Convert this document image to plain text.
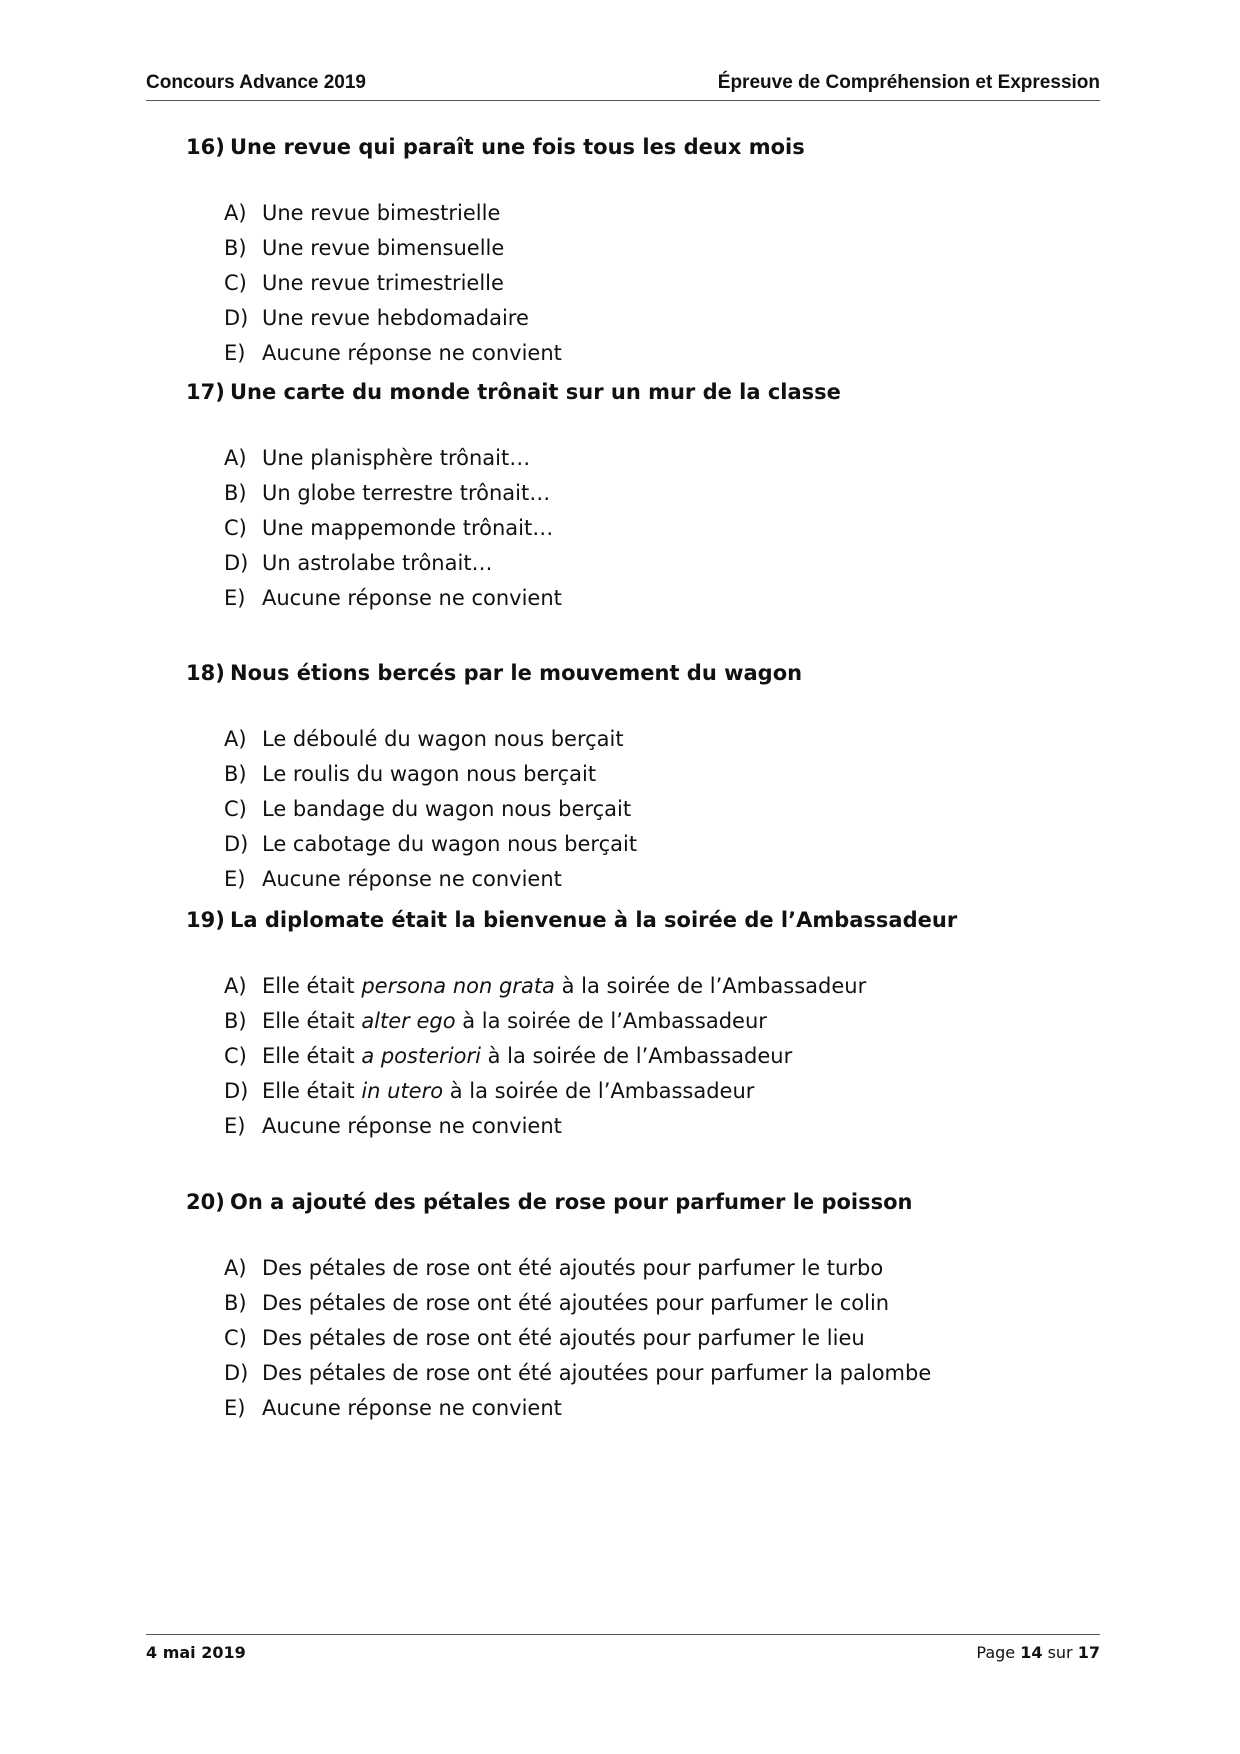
Concours Advance 2019	Épreuve de Compréhension et Expression
16) Une revue qui paraît une fois tous les deux mois
A) Une revue bimestrielle
B) Une revue bimensuelle
C) Une revue trimestrielle
D) Une revue hebdomadaire
E) Aucune réponse ne convient
17) Une carte du monde trônait sur un mur de la classe
A) Une planisphère trônait…
B) Un globe terrestre trônait…
C) Une mappemonde trônait…
D) Un astrolabe trônait…
E) Aucune réponse ne convient
18) Nous étions bercés par le mouvement du wagon
A) Le déboulé du wagon nous berçait
B) Le roulis du wagon nous berçait
C) Le bandage du wagon nous berçait
D) Le cabotage du wagon nous berçait
E) Aucune réponse ne convient
19) La diplomate était la bienvenue à la soirée de l’Ambassadeur
A) Elle était persona non grata à la soirée de l’Ambassadeur
B) Elle était alter ego à la soirée de l’Ambassadeur
C) Elle était a posteriori à la soirée de l’Ambassadeur
D) Elle était in utero à la soirée de l’Ambassadeur
E) Aucune réponse ne convient
20) On a ajouté des pétales de rose pour parfumer le poisson
A) Des pétales de rose ont été ajoutés pour parfumer le turbo
B) Des pétales de rose ont été ajoutées pour parfumer le colin
C) Des pétales de rose ont été ajoutés pour parfumer le lieu
D) Des pétales de rose ont été ajoutées pour parfumer la palombe
E) Aucune réponse ne convient
4 mai 2019	Page 14 sur 17
